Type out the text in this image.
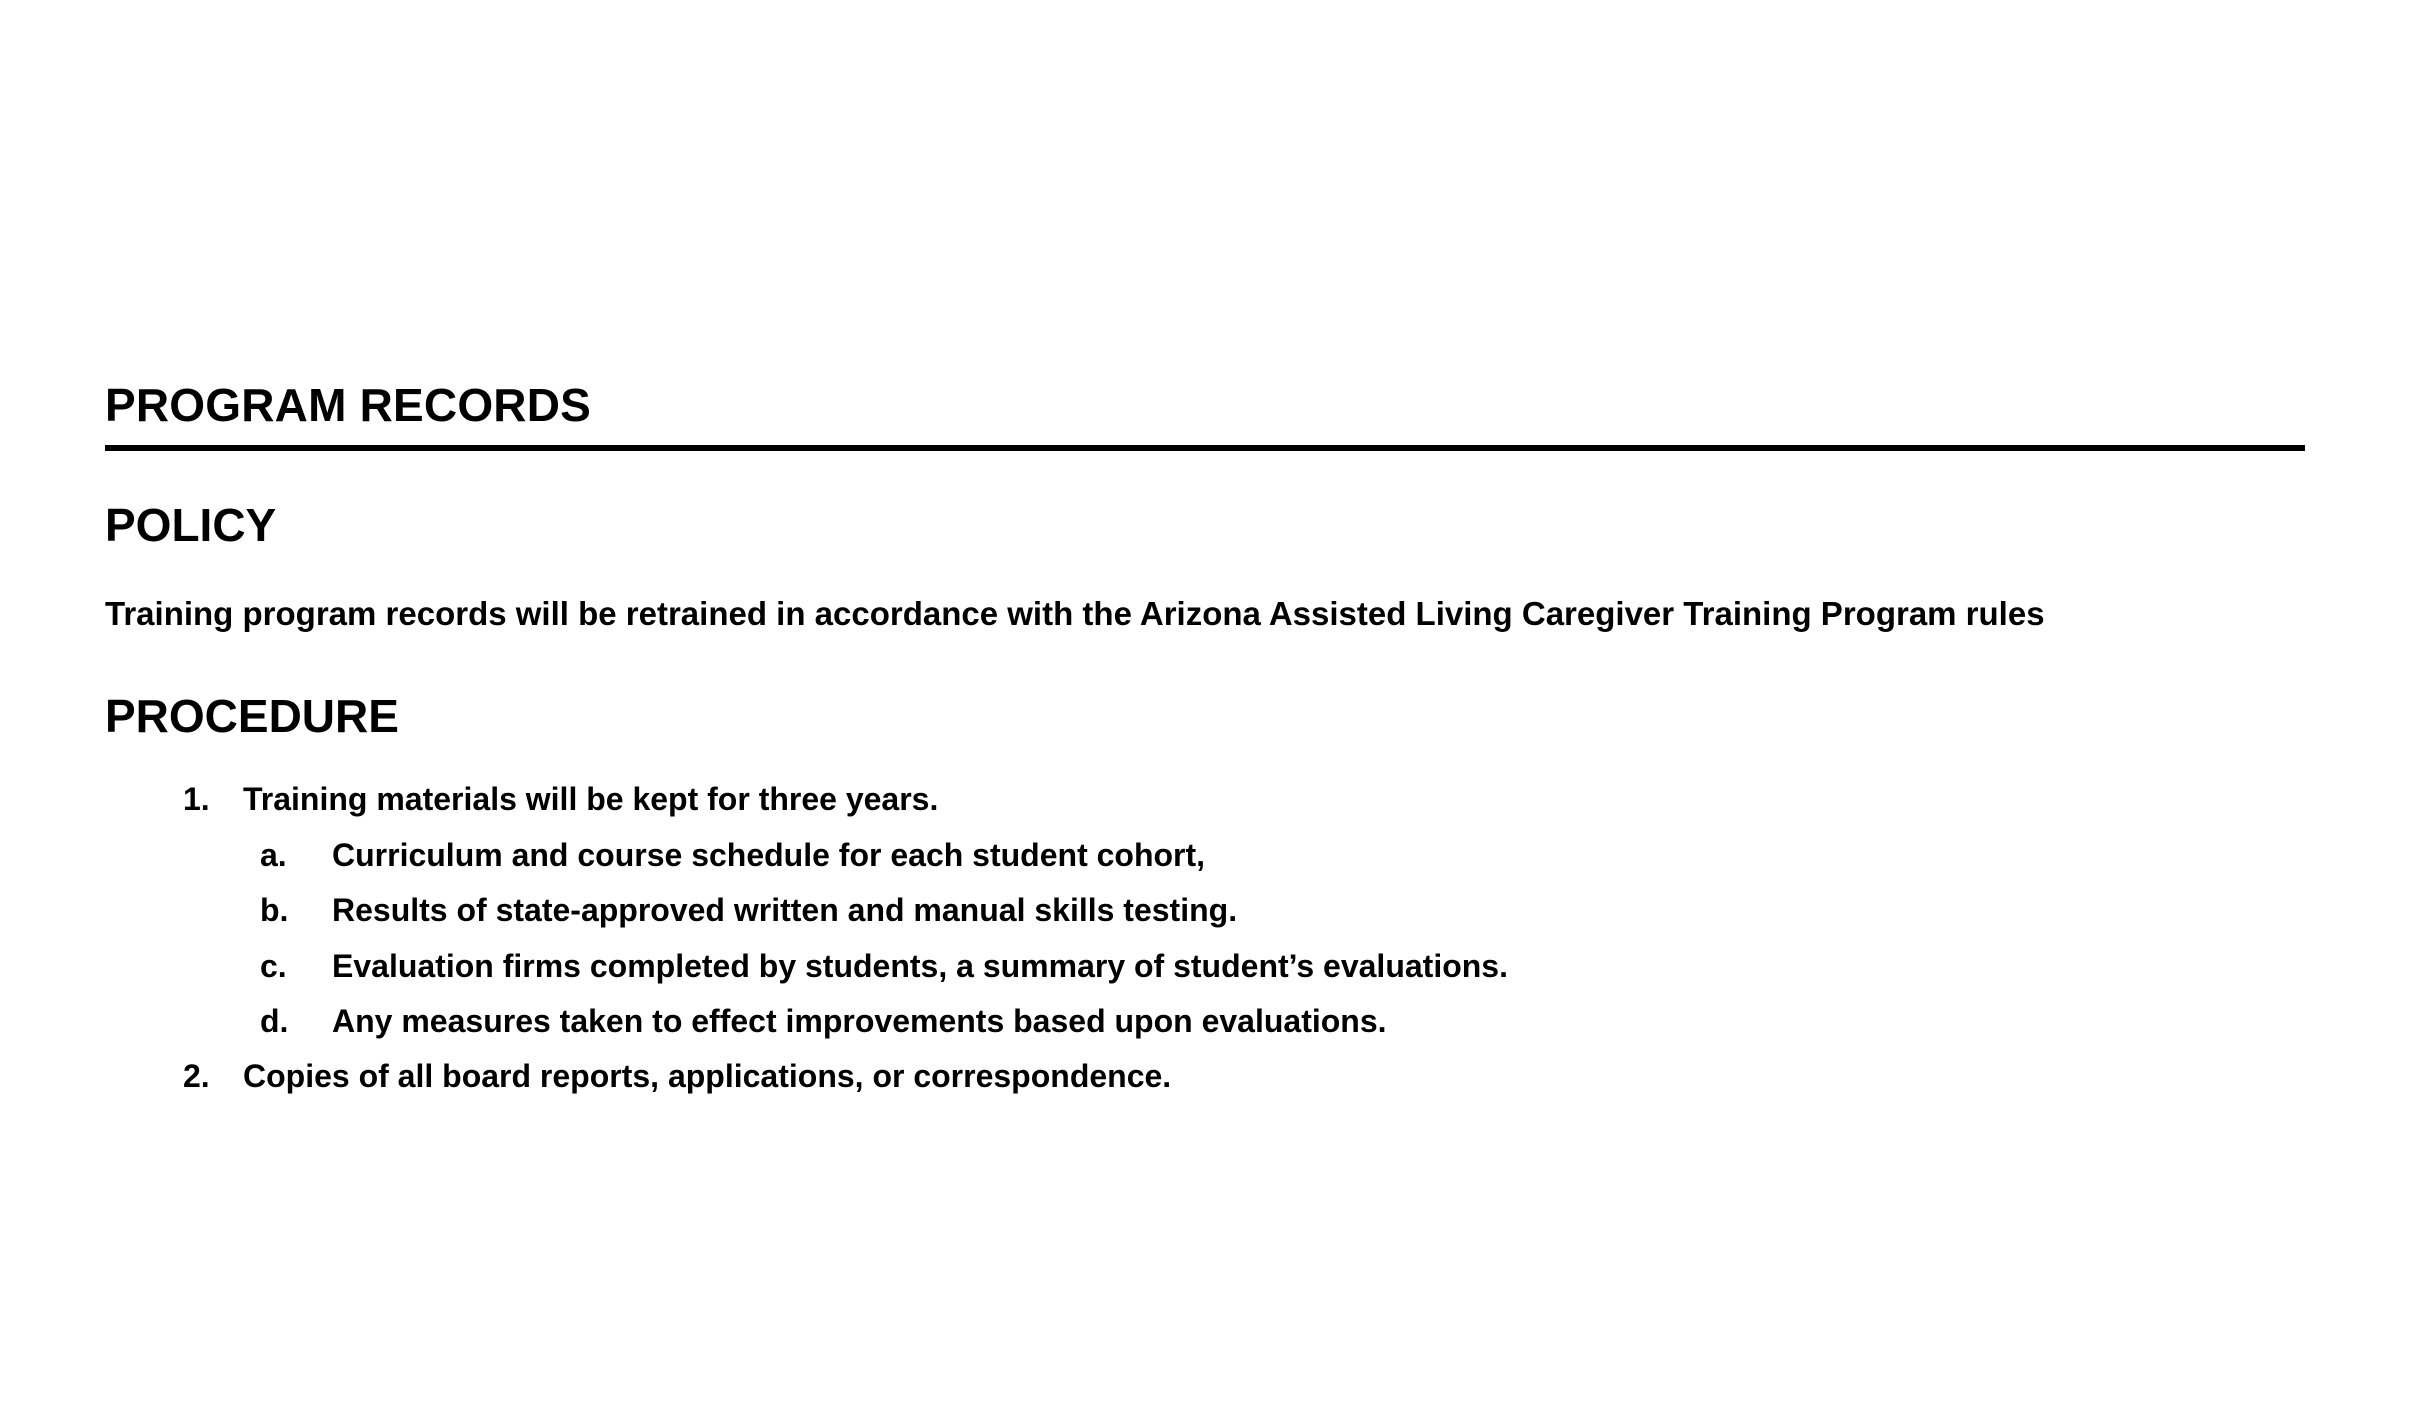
PROGRAM RECORDS
POLICY

Training program records will be retrained in accordance with the Arizona Assisted Living Caregiver Training Program rules

PROCEDURE
1.	Training materials will be kept for three years.
a.	Curriculum and course schedule for each student cohort,
b.	Results of state-approved written and manual skills testing.
c.	Evaluation firms completed by students, a summary of student’s evaluations.
d.	Any measures taken to effect improvements based upon evaluations.
2.	Copies of all board reports, applications, or correspondence.
